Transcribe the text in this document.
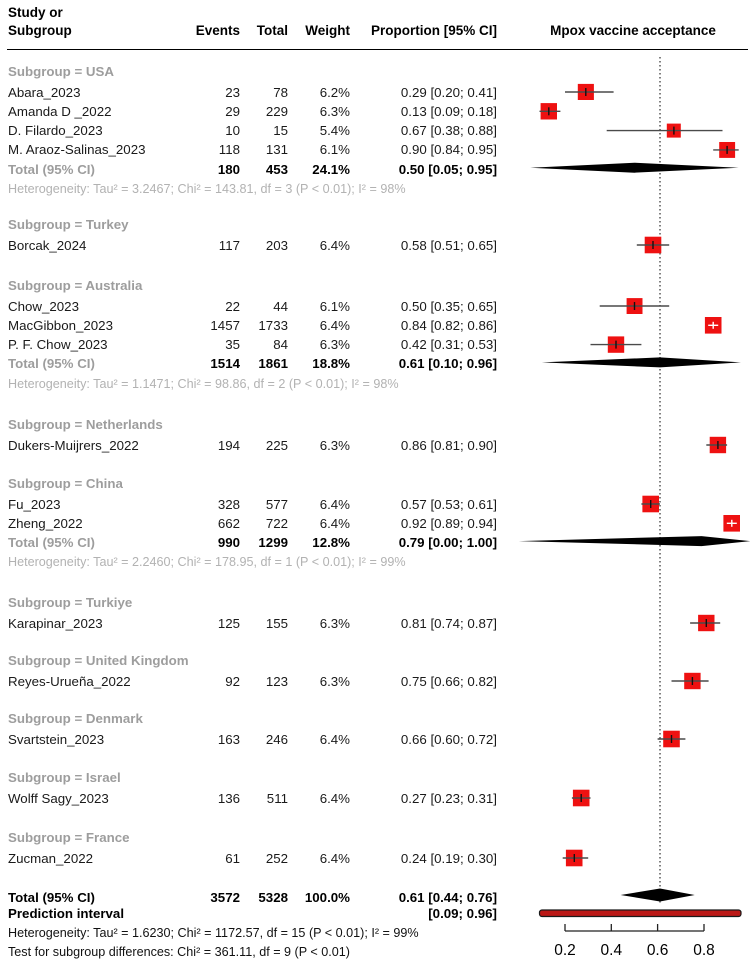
Study or
Subgroup	Events	Total	Weight	Proportion [95% CI]	Mpox vaccine acceptance
Subgroup = USA
Abara_2023	23	78	6.2%	0.29 [0.20; 0.41]
Amanda D _2022	29	229	6.3%	0.13 [0.09; 0.18]
D. Filardo_2023	10	15	5.4%	0.67 [0.38; 0.88]
M. Araoz-Salinas_2023	118	131	6.1%	0.90 [0.84; 0.95]
Total (95% CI)	180	453	24.1%	0.50 [0.05; 0.95]
Heterogeneity: Tau² = 3.2467; Chi² = 143.81, df = 3 (P < 0.01); I² = 98%
Subgroup = Turkey
Borcak_2024	117	203	6.4%	0.58 [0.51; 0.65]
Subgroup = Australia
Chow_2023	22	44	6.1%	0.50 [0.35; 0.65]
MacGibbon_2023	1457	1733	6.4%	0.84 [0.82; 0.86]
P. F. Chow_2023	35	84	6.3%	0.42 [0.31; 0.53]
Total (95% CI)	1514	1861	18.8%	0.61 [0.10; 0.96]
Heterogeneity: Tau² = 1.1471; Chi² = 98.86, df = 2 (P < 0.01); I² = 98%
Subgroup = Netherlands
Dukers-Muijrers_2022	194	225	6.3%	0.86 [0.81; 0.90]
Subgroup = China
Fu_2023	328	577	6.4%	0.57 [0.53; 0.61]
Zheng_2022	662	722	6.4%	0.92 [0.89; 0.94]
Total (95% CI)	990	1299	12.8%	0.79 [0.00; 1.00]
Heterogeneity: Tau² = 2.2460; Chi² = 178.95, df = 1 (P < 0.01); I² = 99%
Subgroup = Turkiye
Karapinar_2023	125	155	6.3%	0.81 [0.74; 0.87]
Subgroup = United Kingdom
Reyes-Urueña_2022	92	123	6.3%	0.75 [0.66; 0.82]
Subgroup = Denmark
Svartstein_2023	163	246	6.4%	0.66 [0.60; 0.72]
Subgroup = Israel
Wolff Sagy_2023	136	511	6.4%	0.27 [0.23; 0.31]
Subgroup = France
Zucman_2022	61	252	6.4%	0.24 [0.19; 0.30]
Total (95% CI)	3572	5328	100.0%	0.61 [0.44; 0.76]
Prediction interval	[0.09; 0.96]
Heterogeneity: Tau² = 1.6230; Chi² = 1172.57, df = 15 (P < 0.01); I² = 99%
Test for subgroup differences: Chi² = 361.11, df = 9 (P < 0.01)	0.2 0.4 0.6 0.8
